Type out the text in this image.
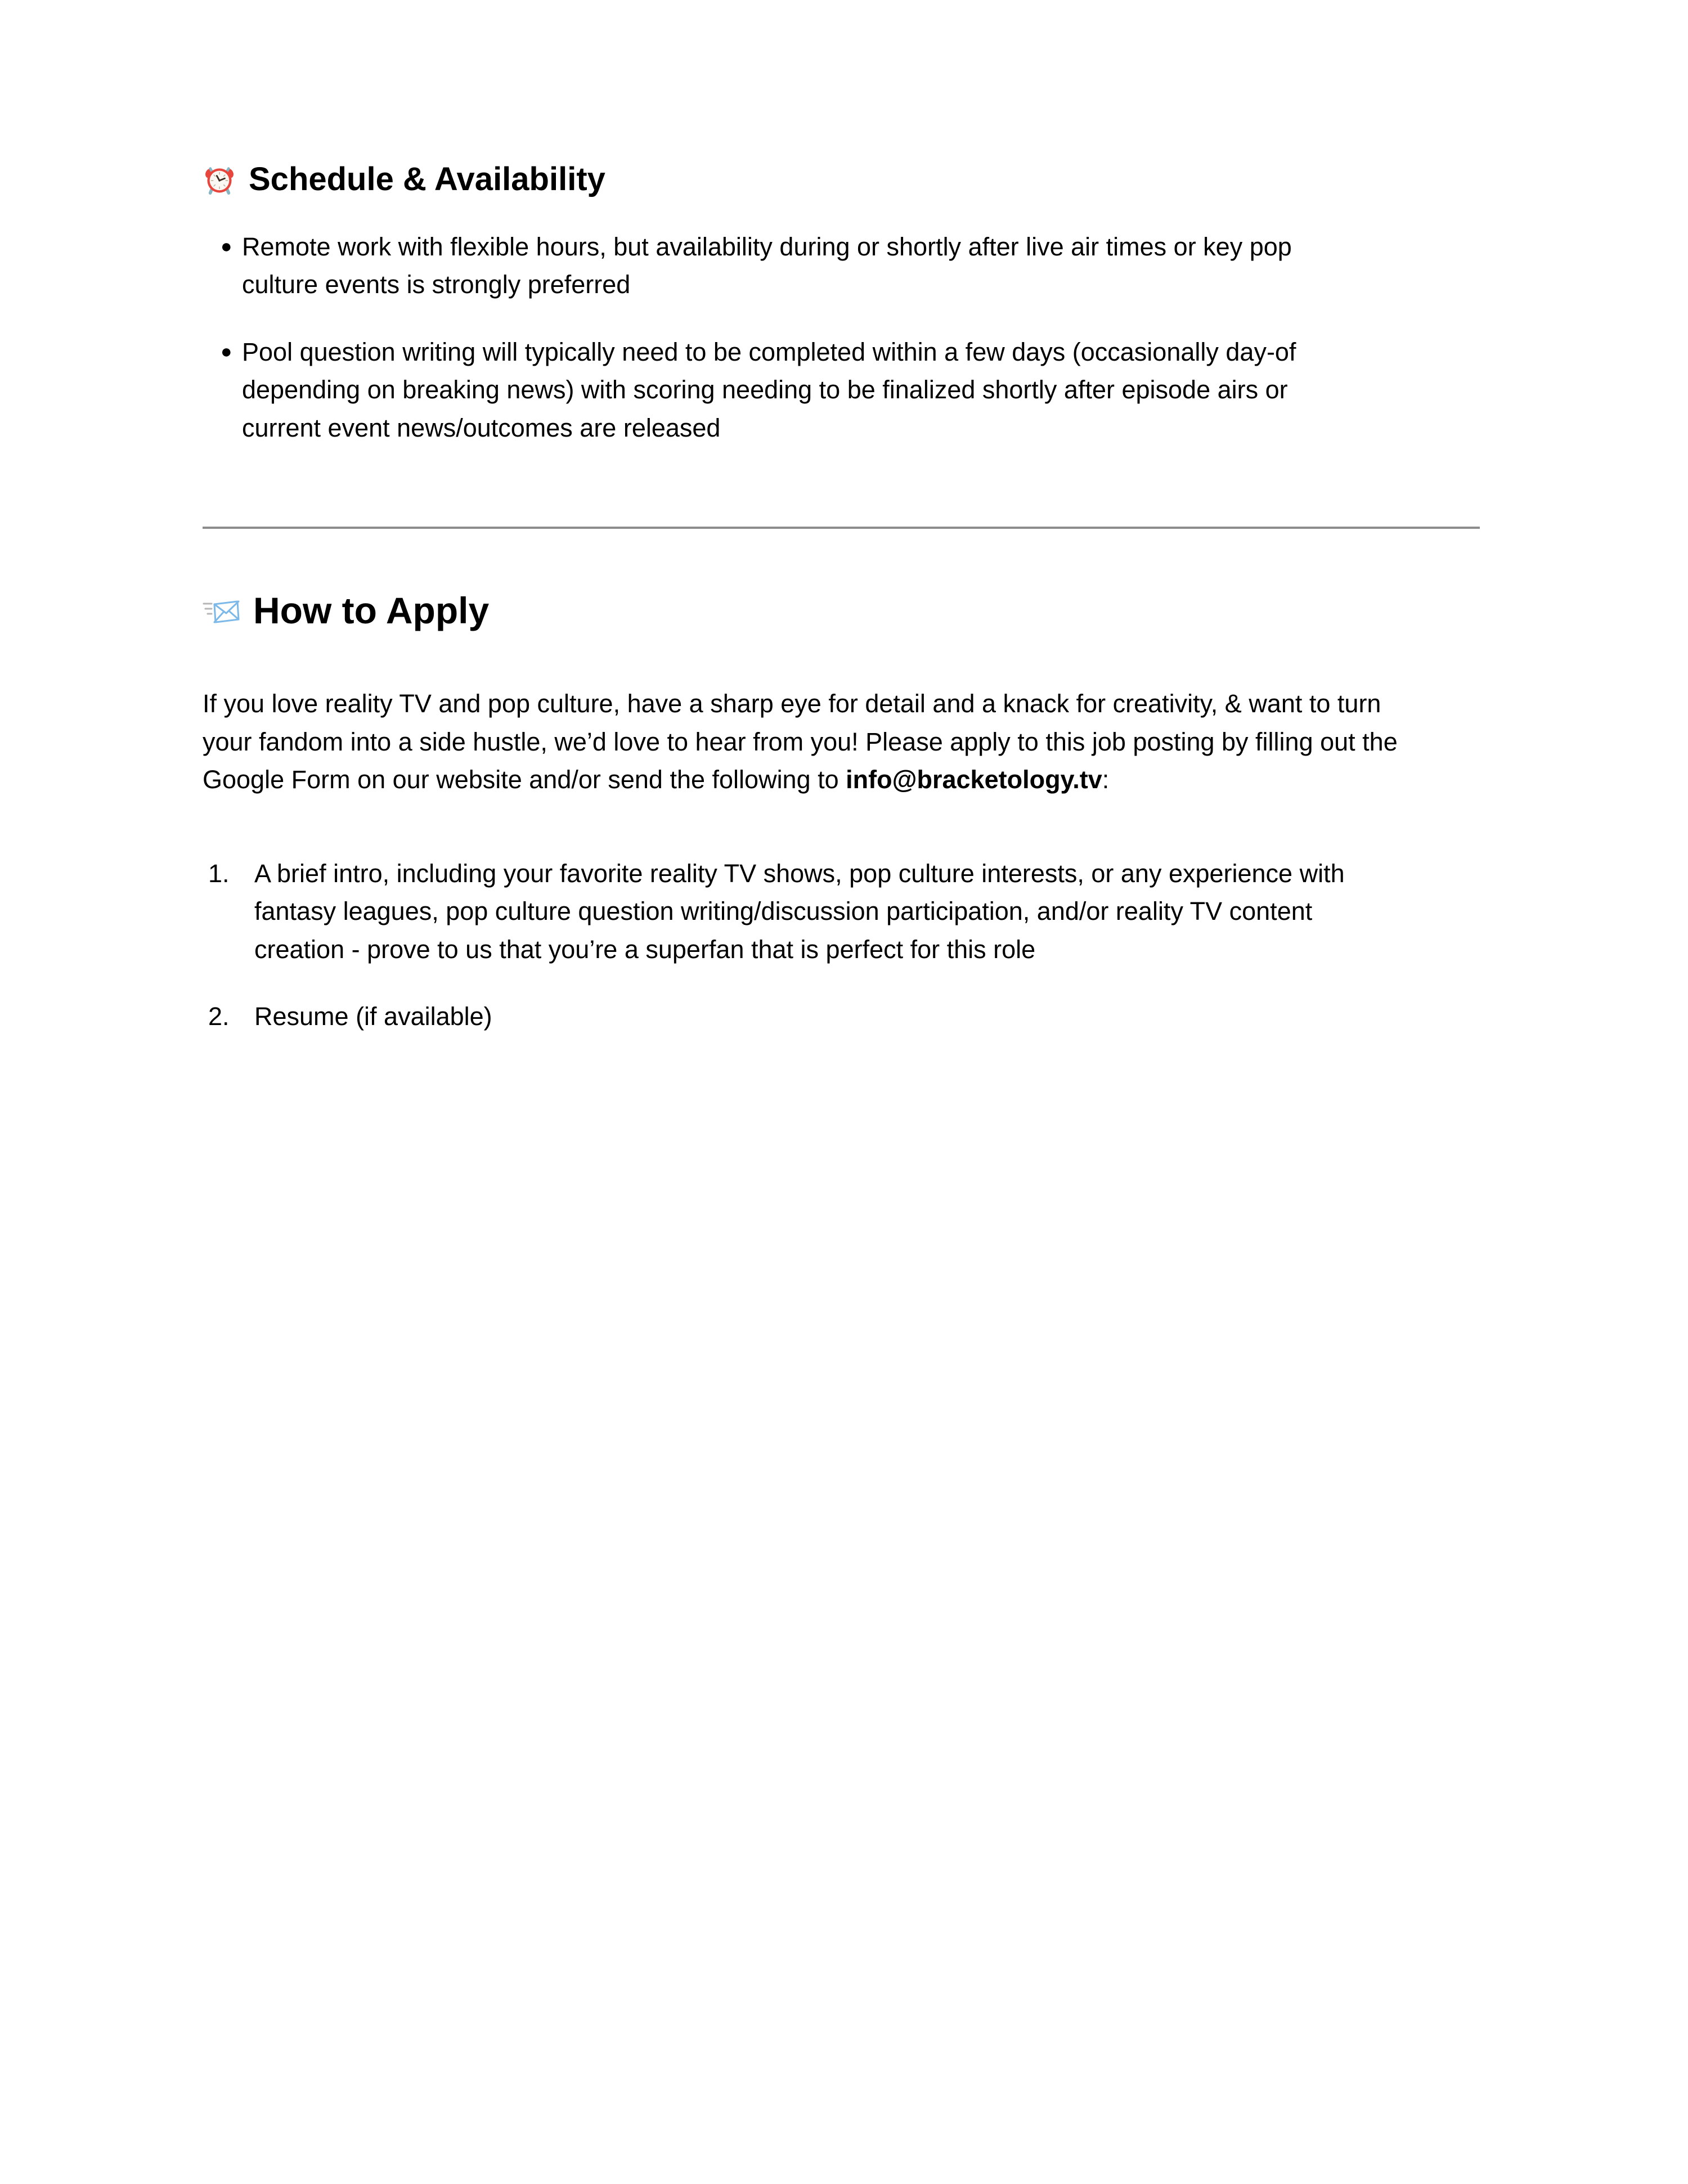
Schedule & Availability
● Remote work with flexible hours, but availability during or shortly after live air times or key pop culture events is strongly preferred
● Pool question writing will typically need to be completed within a few days (occasionally day-of depending on breaking news) with scoring needing to be finalized shortly after episode airs or current event news/outcomes are released
How to Apply

If you love reality TV and pop culture, have a sharp eye for detail and a knack for creativity, & want to turn your fandom into a side hustle, we’d love to hear from you! Please apply to this job posting by filling out the Google Form on our website and/or send the following to info@bracketology.tv:

1. A brief intro, including your favorite reality TV shows, pop culture interests, or any experience with fantasy leagues, pop culture question writing/discussion participation, and/or reality TV content creation - prove to us that you’re a superfan that is perfect for this role
2. Resume (if available)
